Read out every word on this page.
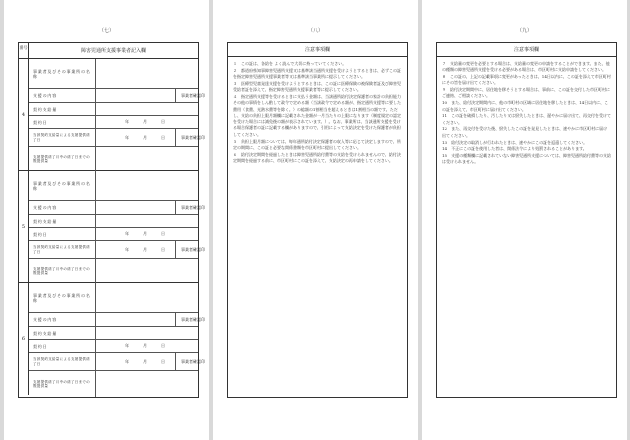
（七）
番号
障害児通所支援事業者記入欄
4
事業者及びその事業所の名称
支援の内容	事業者確認印
契約支給量
契約日	年	月	日
当該契約支給量による支援提供終了日	年	月	日	事業者確認印
支援提供終了月中の終了日までの既提供量
5
事業者及びその事業所の名称
支援の内容	事業者確認印
契約支給量
契約日	年	月	日
当該契約支給量による支援提供終了日	年	月	日	事業者確認印
支援提供終了月中の終了日までの既提供量
6
事業者及びその事業所の名称
支援の内容	事業者確認印
契約支給量
契約日	年	月	日
当該契約支給量による支援提供終了日	年	月	日	事業者確認印
支援提供終了月中の終了日までの既提供量
（八）
注意事項欄

１　この証は、各給を よく読んで大切に持っていてください。

２　都道府県知事障害児通所支援又は基準該当通所支援を受けようとするときは、必ずこの証を指定障害児通所支援事業者等又は基準該当事業所に提示してください。

３　医療型児童発達支援を受けようとするときは、この証に医療保険の被保険者証及び障害児受給者証を添えて、指定障害児通所支援事業者等に提示してください。

４　指定通所支援等を受けるときに支払う金額は、当該通所給付決定保護者の家計の負担能力その他の事情をしん酌して政令で定める額（当該政令で定める額が、指定通所支援等に要した費用（食費、光熱水費等を除く。）の総額の1割相当を超えるときは1割相当の額です。ただし、支給の負担上限月額欄に記載された金額が一月当たりの上限になります（制度規定の認定を受けた場合には減免後の額が表示されています。）。なお、事業所は、当該通所支援を受ける場合保護者の証に記載する欄がありますので、引用によって支給決定を受けた保護者が負担してください。

５　負担上限月額については、毎年通所給付決定保護者の収入等に応じて決定しますので、所定の期間に、この証と必要な関係書類を市区町村に提出してください。

６　給付決定期間を経過したときは障害児通所給付費等の支給を受けられませんので、給付決定期間を経過する前に、市区町村にこの証を添えて、支給決定の再申請をしてください。

（九）
注意事項欄

７　支給量の変更を必要とする場合は、支給量の変更の申請をすることができます。また、他の種類の障害児通所支援を受ける必要がある場合は、市区町村に支給申請をしてください。

８　この証の、上記の記載事項に変更があったときは、14日以内に、この証を添えて市区町村にその旨を届け出てください。

９　給付決定期間中に、居住地を移そうとする場合は、事前に、この証を交付した市区町村にご連絡、ご相談ください。

10　また、給付決定期間内に、他の市町村の区域に居住地を移したときは、14日以内に、この証を添えて、市区町村に届け出てください。

11　この証を破損したり、汚したり又は紛失したときは、遅やかに届け出て、再交付を受けてください。

12　また、再交付を受けた後、紛失したこの証を発見したときは、速やかに市区町村に届け出てください。

13　給付決定の取消しが行われたときは、速やかにこの証を返還してください。

14　不正にこの証を使用した者は、関係法令により処罰されることがあります。

15　支援の種類欄に記載されていない障害児通所支援については、障害児通所給付費等の支給は受けられません。
